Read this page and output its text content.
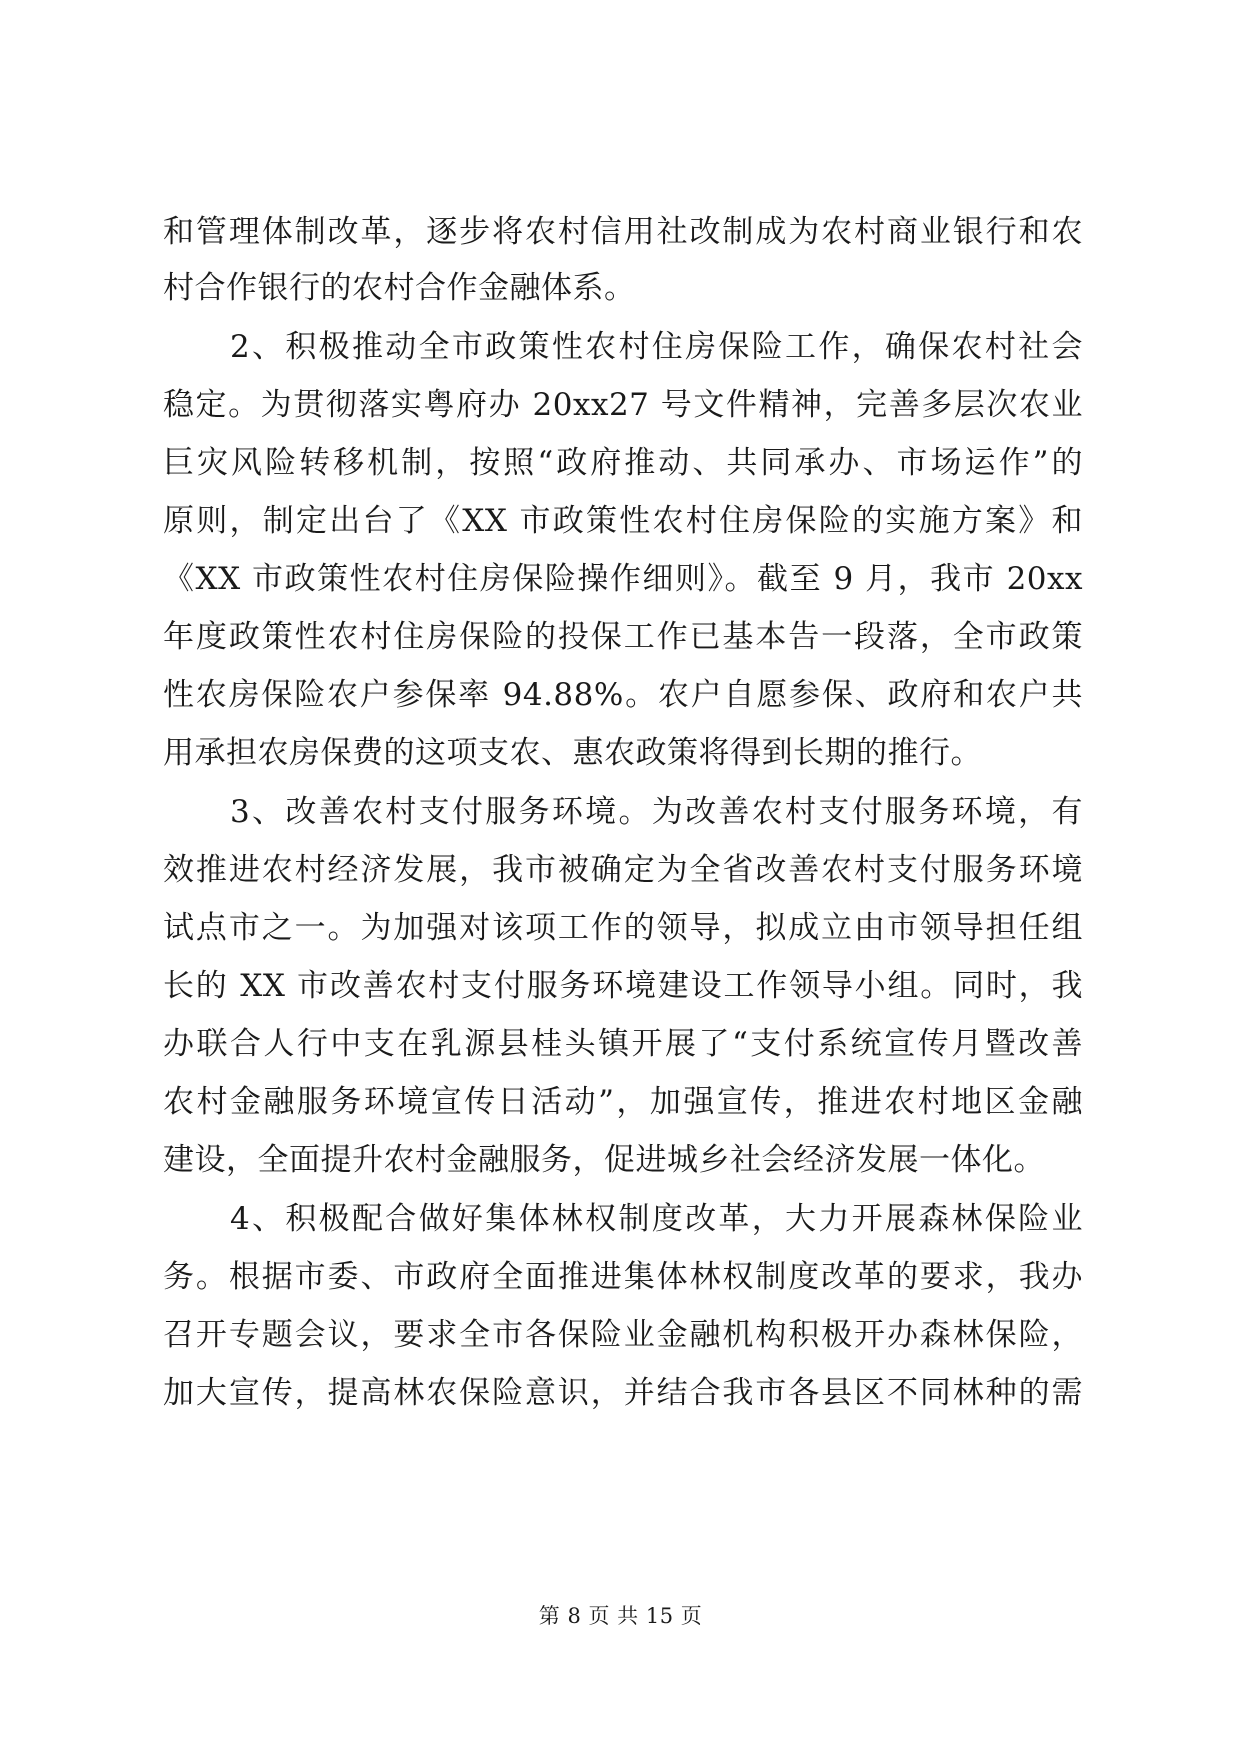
和管理体制改革，逐步将农村信用社改制成为农村商业银行和农
村合作银行的农村合作金融体系。
2、积极推动全市政策性农村住房保险工作，确保农村社会
稳定。为贯彻落实粤府办 20xx27 号文件精神，完善多层次农业
巨灾风险转移机制，按照“政府推动、共同承办、市场运作”的
原则，制定出台了《XX 市政策性农村住房保险的实施方案》和
《XX 市政策性农村住房保险操作细则》。截至 9 月，我市 20xx
年度政策性农村住房保险的投保工作已基本告一段落，全市政策
性农房保险农户参保率 94.88%。农户自愿参保、政府和农户共
用承担农房保费的这项支农、惠农政策将得到长期的推行。
3、改善农村支付服务环境。为改善农村支付服务环境，有
效推进农村经济发展，我市被确定为全省改善农村支付服务环境
试点市之一。为加强对该项工作的领导，拟成立由市领导担任组
长的 XX 市改善农村支付服务环境建设工作领导小组。同时，我
办联合人行中支在乳源县桂头镇开展了“支付系统宣传月暨改善
农村金融服务环境宣传日活动”，加强宣传，推进农村地区金融
建设，全面提升农村金融服务，促进城乡社会经济发展一体化。
4、积极配合做好集体林权制度改革，大力开展森林保险业
务。根据市委、市政府全面推进集体林权制度改革的要求，我办
召开专题会议，要求全市各保险业金融机构积极开办森林保险，
加大宣传，提高林农保险意识，并结合我市各县区不同林种的需
第 8 页 共 15 页
